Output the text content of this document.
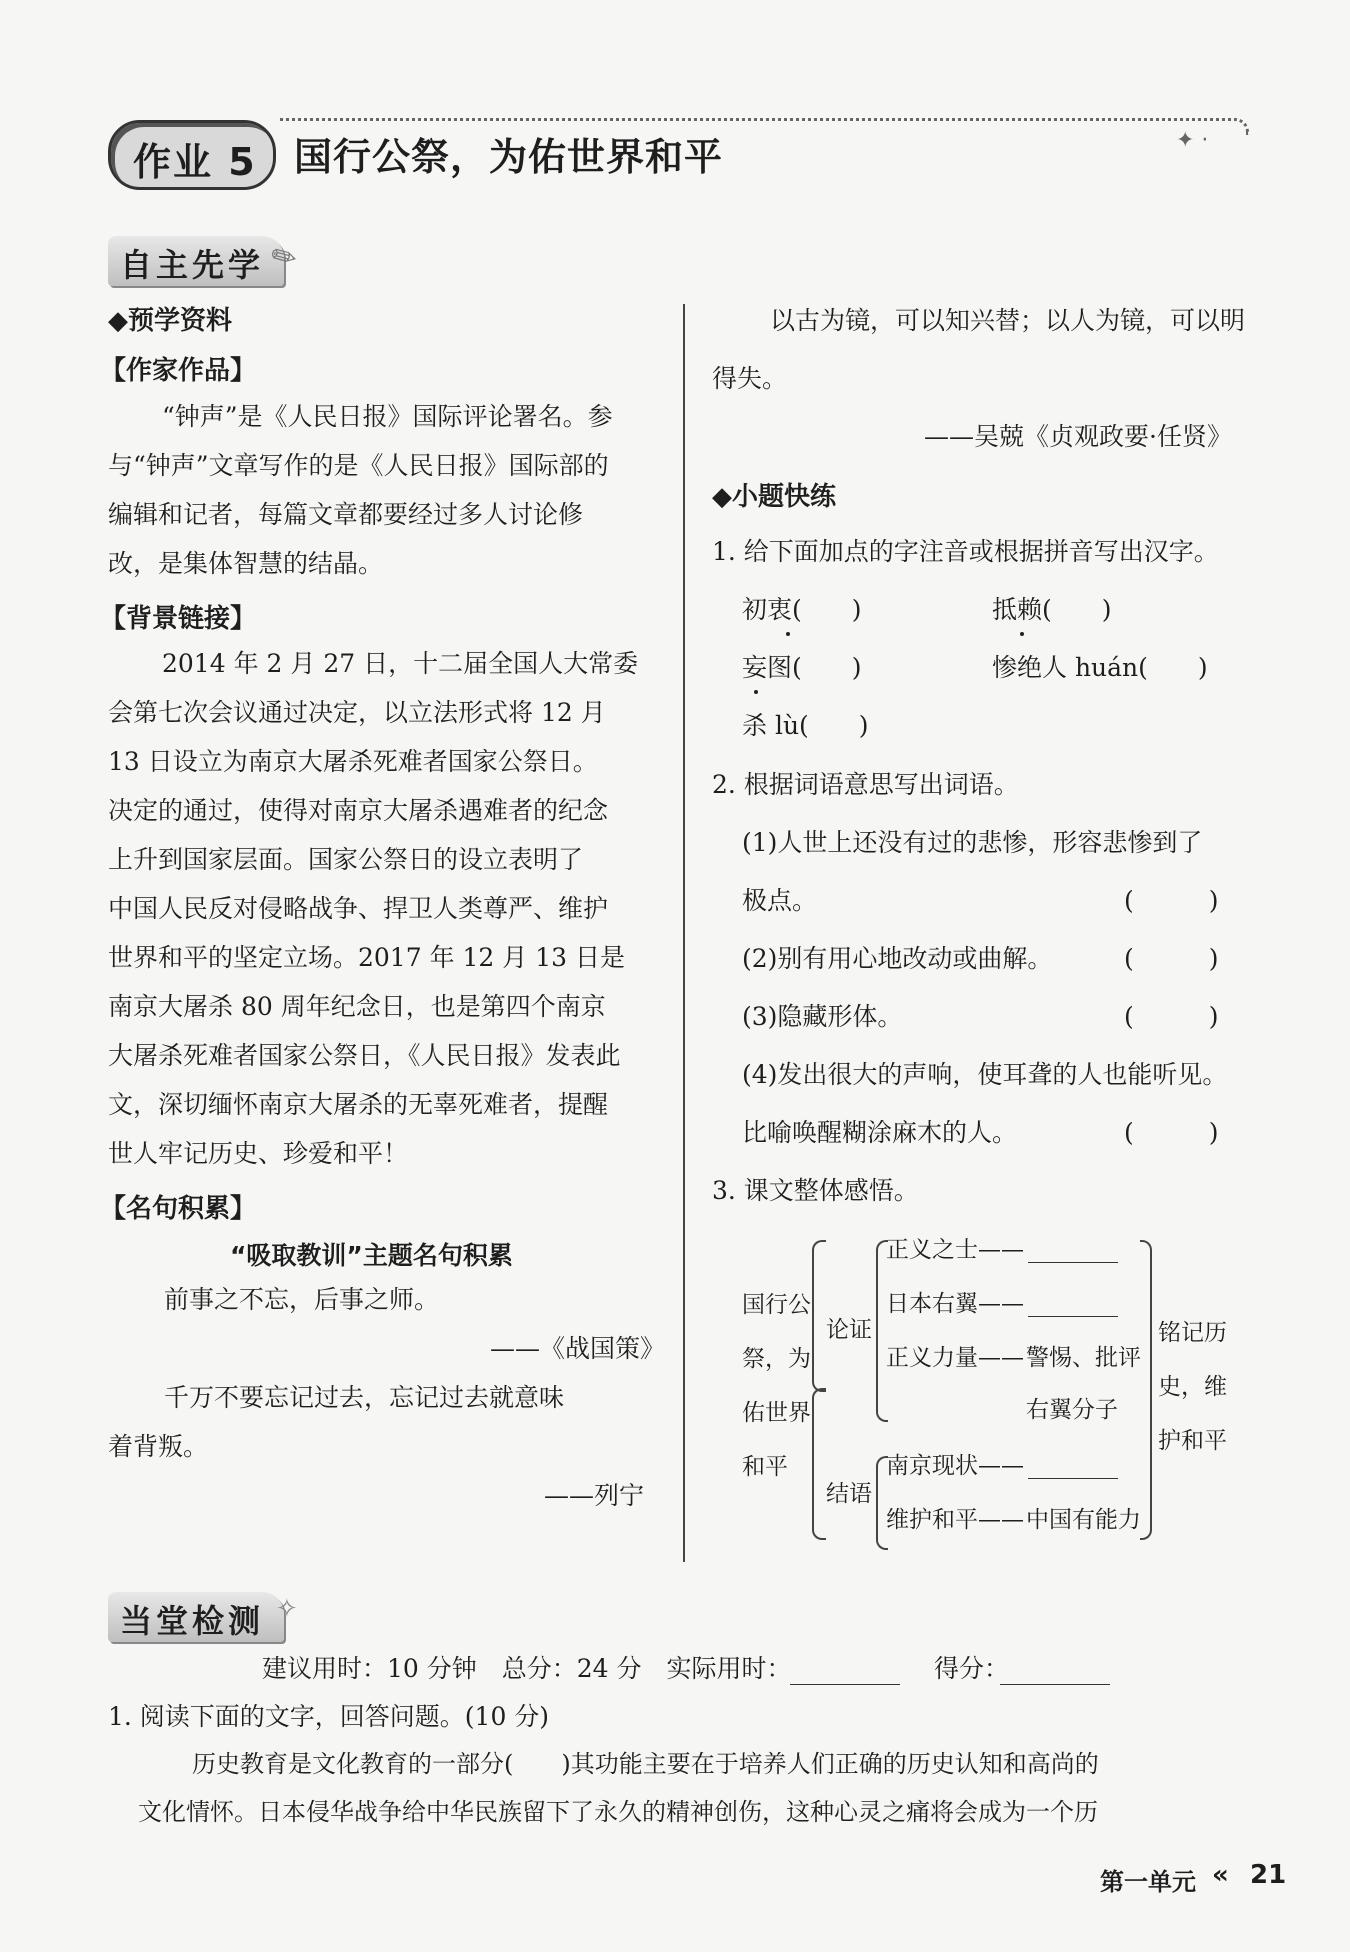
作业 5 国行公祭，为佑世界和平	✦ ·
自主先学 ✎
◆预学资料
【作家作品】
“钟声”是《人民日报》国际评论署名。参
与“钟声”文章写作的是《人民日报》国际部的
编辑和记者，每篇文章都要经过多人讨论修
改，是集体智慧的结晶。
【背景链接】
2014 年 2 月 27 日，十二届全国人大常委
会第七次会议通过决定，以立法形式将 12 月
13 日设立为南京大屠杀死难者国家公祭日。
决定的通过，使得对南京大屠杀遇难者的纪念
上升到国家层面。国家公祭日的设立表明了
中国人民反对侵略战争、捍卫人类尊严、维护
世界和平的坚定立场。2017 年 12 月 13 日是
南京大屠杀 80 周年纪念日，也是第四个南京
大屠杀死难者国家公祭日，《人民日报》发表此
文，深切缅怀南京大屠杀的无辜死难者，提醒
世人牢记历史、珍爱和平！
【名句积累】
“吸取教训”主题名句积累
前事之不忘，后事之师。
——《战国策》
千万不要忘记过去，忘记过去就意味
着背叛。
——列宁
以古为镜，可以知兴替；以人为镜，可以明
得失。
——吴兢《贞观政要·任贤》
◆小题快练
1. 给下面加点的字注音或根据拼音写出汉字。
初衷(　　)	抵赖(　　)
妄图(　　)	惨绝人 huán(　　)
杀 lù(　　)
2. 根据词语意思写出词语。
(1)人世上还没有过的悲惨，形容悲惨到了
极点。	(　　　)
(2)别有用心地改动或曲解。	(　　　)
(3)隐藏形体。	(　　　)
(4)发出很大的声响，使耳聋的人也能听见。
比喻唤醒糊涂麻木的人。	(　　　)
3. 课文整体感悟。
国行公
祭，为
佑世界
和平
论证
结语
正义之士——
日本右翼——
正义力量—— 警惕、批评
右翼分子
南京现状——
维护和平—— 中国有能力
铭记历
史，维
护和平
当堂检测 ✧
建议用时：10 分钟　总分：24 分　实际用时：	得分：
1. 阅读下面的文字，回答问题。(10 分)
历史教育是文化教育的一部分(　　)其功能主要在于培养人们正确的历史认知和高尚的
文化情怀。日本侵华战争给中华民族留下了永久的精神创伤，这种心灵之痛将会成为一个历
第一单元 « 21
